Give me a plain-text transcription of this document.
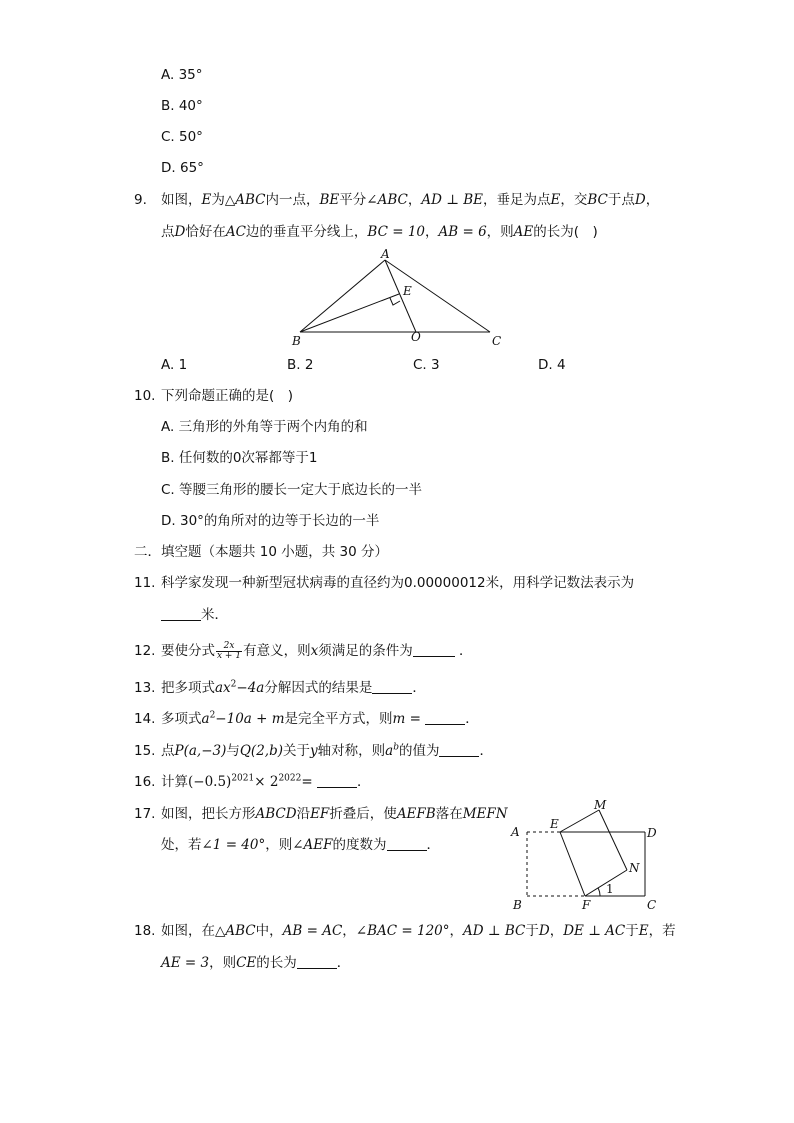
A. 35°
B. 40°
C. 50°
D. 65°
9. 如图，E为△ABC内一点，BE平分∠ABC，AD ⊥ BE，垂足为点E，交BC于点D，
点D恰好在AC边的垂直平分线上，BC = 10，AB = 6，则AE的长为(　)
A
B	C
E
O
A. 1	B. 2	C. 3	D. 4
10. 下列命题正确的是(　)
A. 三角形的外角等于两个内角的和
B. 任何数的0次幂都等于1
C. 等腰三角形的腰长一定大于底边长的一半
D. 30°的角所对的边等于长边的一半
二．填空题（本题共 10 小题，共 30 分）
11. 科学家发现一种新型冠状病毒的直径约为0.00000012米，用科学记数法表示为
米．
12. 要使分式 $\frac{2x}{x + 1}$ 有意义，则x须满足的条件为	．
13. 把多项式$ax^2-4a$分解因式的结果是	．
14. 多项式$a^2-10a + m$是完全平方式，则m =	．
15. 点P(a,−3)与Q(2,b)关于y轴对称，则$a^b$的值为	．
16. 计算$(-0.5)^{2021}\times 2^{2022}=$	．
17. 如图，把长方形ABCD沿EF折叠后，使AEFB落在MEFN
处，若∠1 = 40°，则∠AEF的度数为	．
A
B	C
D
E
F
M
N
1
18. 如图，在△ABC中，AB = AC，∠BAC = 120°，AD ⊥ BC于D，DE ⊥ AC于E，若
AE = 3，则CE的长为	．
